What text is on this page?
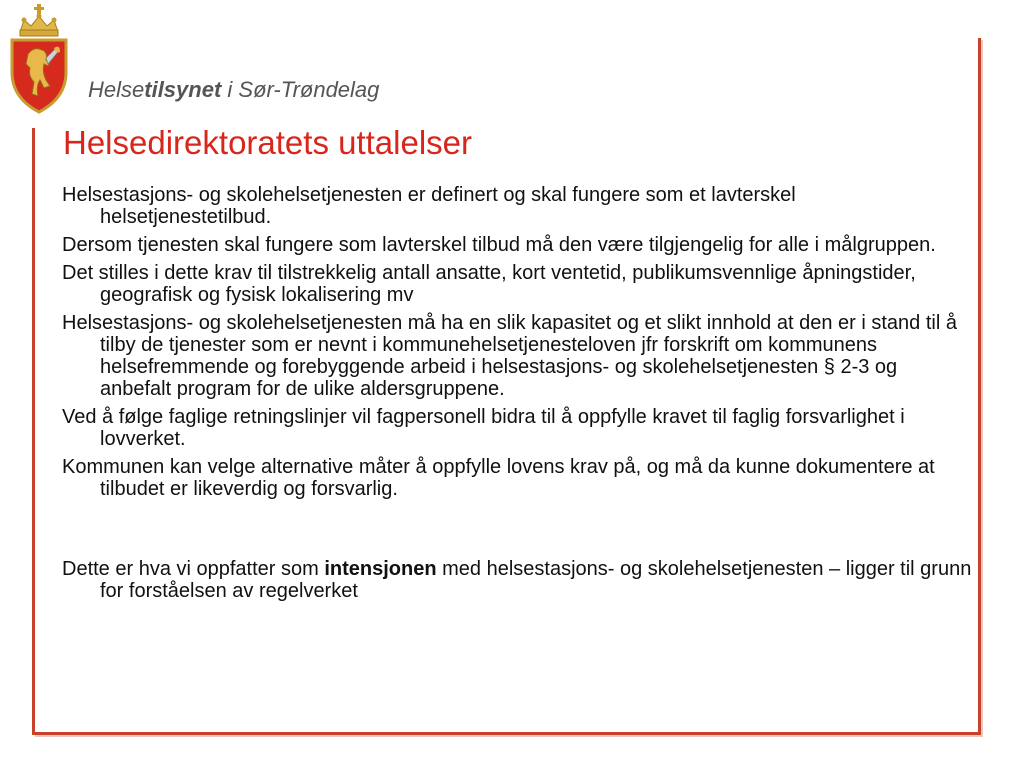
Helsetilsynet i Sør-Trøndelag
Helsedirektoratets uttalelser

Helsestasjons- og skolehelsetjenesten er definert og skal fungere som et lavterskel helsetjenestetilbud.

Dersom tjenesten skal fungere som lavterskel tilbud må den være tilgjengelig for alle i målgruppen.

Det stilles i dette krav til tilstrekkelig antall ansatte, kort ventetid, publikumsvennlige åpningstider, geografisk og fysisk lokalisering mv

Helsestasjons- og skolehelsetjenesten må ha en slik kapasitet og et slikt innhold at den er i stand til å tilby de tjenester som er nevnt i kommunehelsetjenesteloven jfr forskrift om kommunens helsefremmende og forebyggende arbeid i helsestasjons- og skolehelsetjenesten § 2-3 og anbefalt program for de ulike aldersgruppene.

Ved å følge faglige retningslinjer vil fagpersonell bidra til å oppfylle kravet til faglig forsvarlighet i lovverket.

Kommunen kan velge alternative måter å oppfylle lovens krav på, og må da kunne dokumentere at tilbudet er likeverdig og forsvarlig.

Dette er hva vi oppfatter som intensjonen med helsestasjons- og skolehelsetjenesten – ligger til grunn for forståelsen av regelverket
